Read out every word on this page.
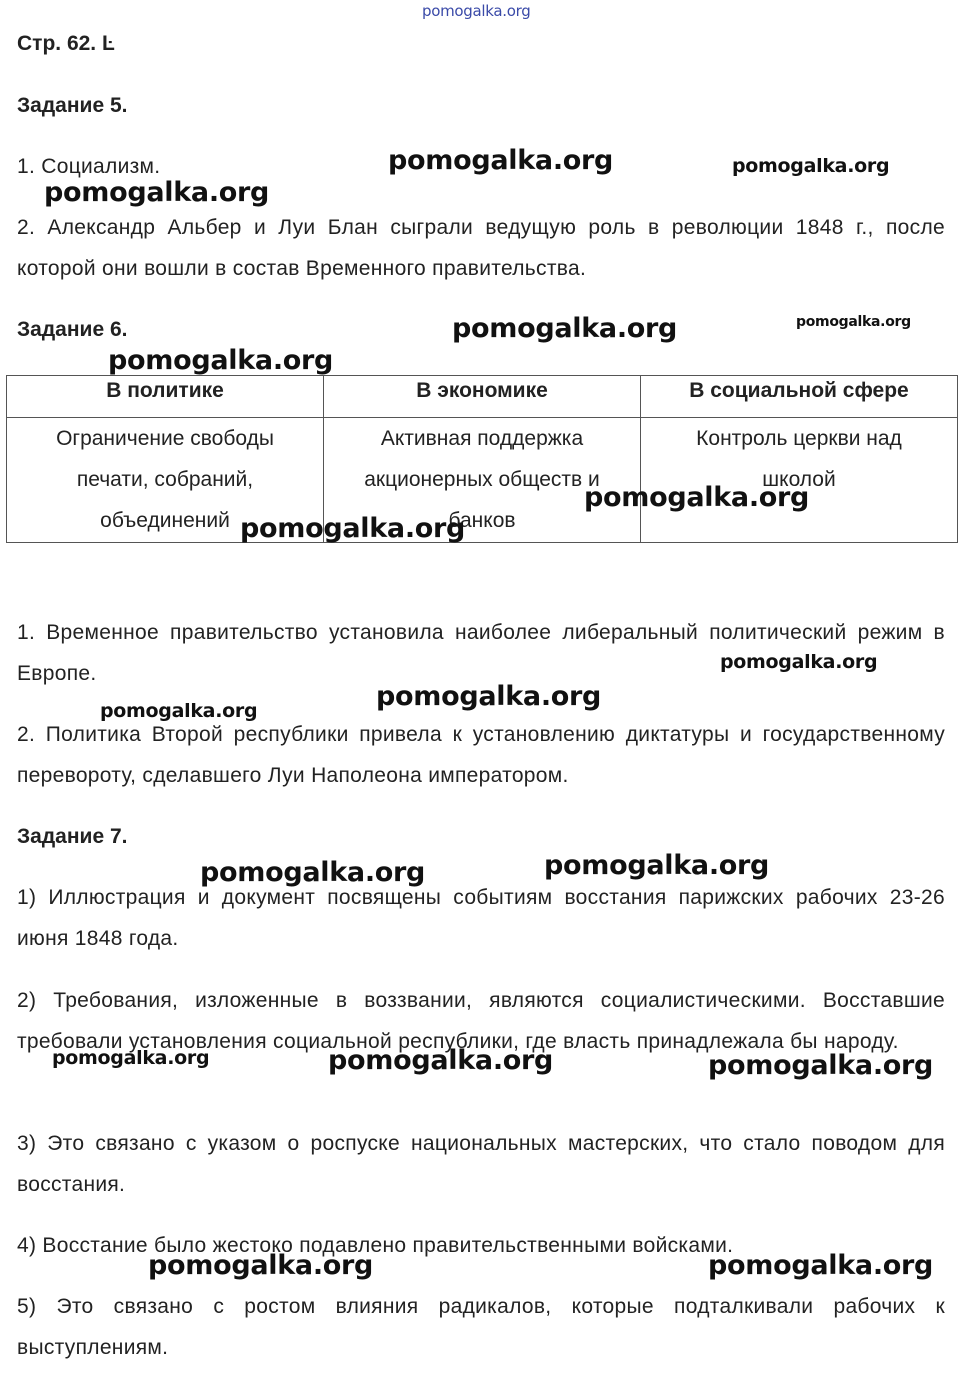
pomogalka.org
Стр. 62. Ŀ
Задание 5.

1. Социализм.

2. Александр Альбер и Луи Блан сыграли ведущую роль в революции 1848 г., после которой они вошли в состав Временного правительства.

Задание 6.
В политике	В экономике	В социальной сфере

Ограничение свободы печати, собраний, объединений	Активная поддержка акционерных обществ и банков	Контроль церкви над школой

1. Временное правительство установила наиболее либеральный политический режим в Европе.

2. Политика Второй республики привела к установлению диктатуры и государственному перевороту, сделавшего Луи Наполеона императором.

Задание 7.

1) Иллюстрация и документ посвящены событиям восстания парижских рабочих 23-26 июня 1848 года.

2) Требования, изложенные в воззвании, являются социалистическими. Восставшие требовали установления социальной республики, где власть принадлежала бы народу.

3) Это связано с указом о роспуске национальных мастерских, что стало поводом для восстания.

4) Восстание было жестоко подавлено правительственными войсками.

5) Это связано с ростом влияния радикалов, которые подталкивали рабочих к выступлениям.

pomogalka.org	pomogalka.org
pomogalka.org
pomogalka.org	pomogalka.org
pomogalka.org
pomogalka.org
pomogalka.org
pomogalka.org
pomogalka.org
pomogalka.org
pomogalka.org
pomogalka.org
pomogalka.org	pomogalka.org	pomogalka.org
pomogalka.org	pomogalka.org
